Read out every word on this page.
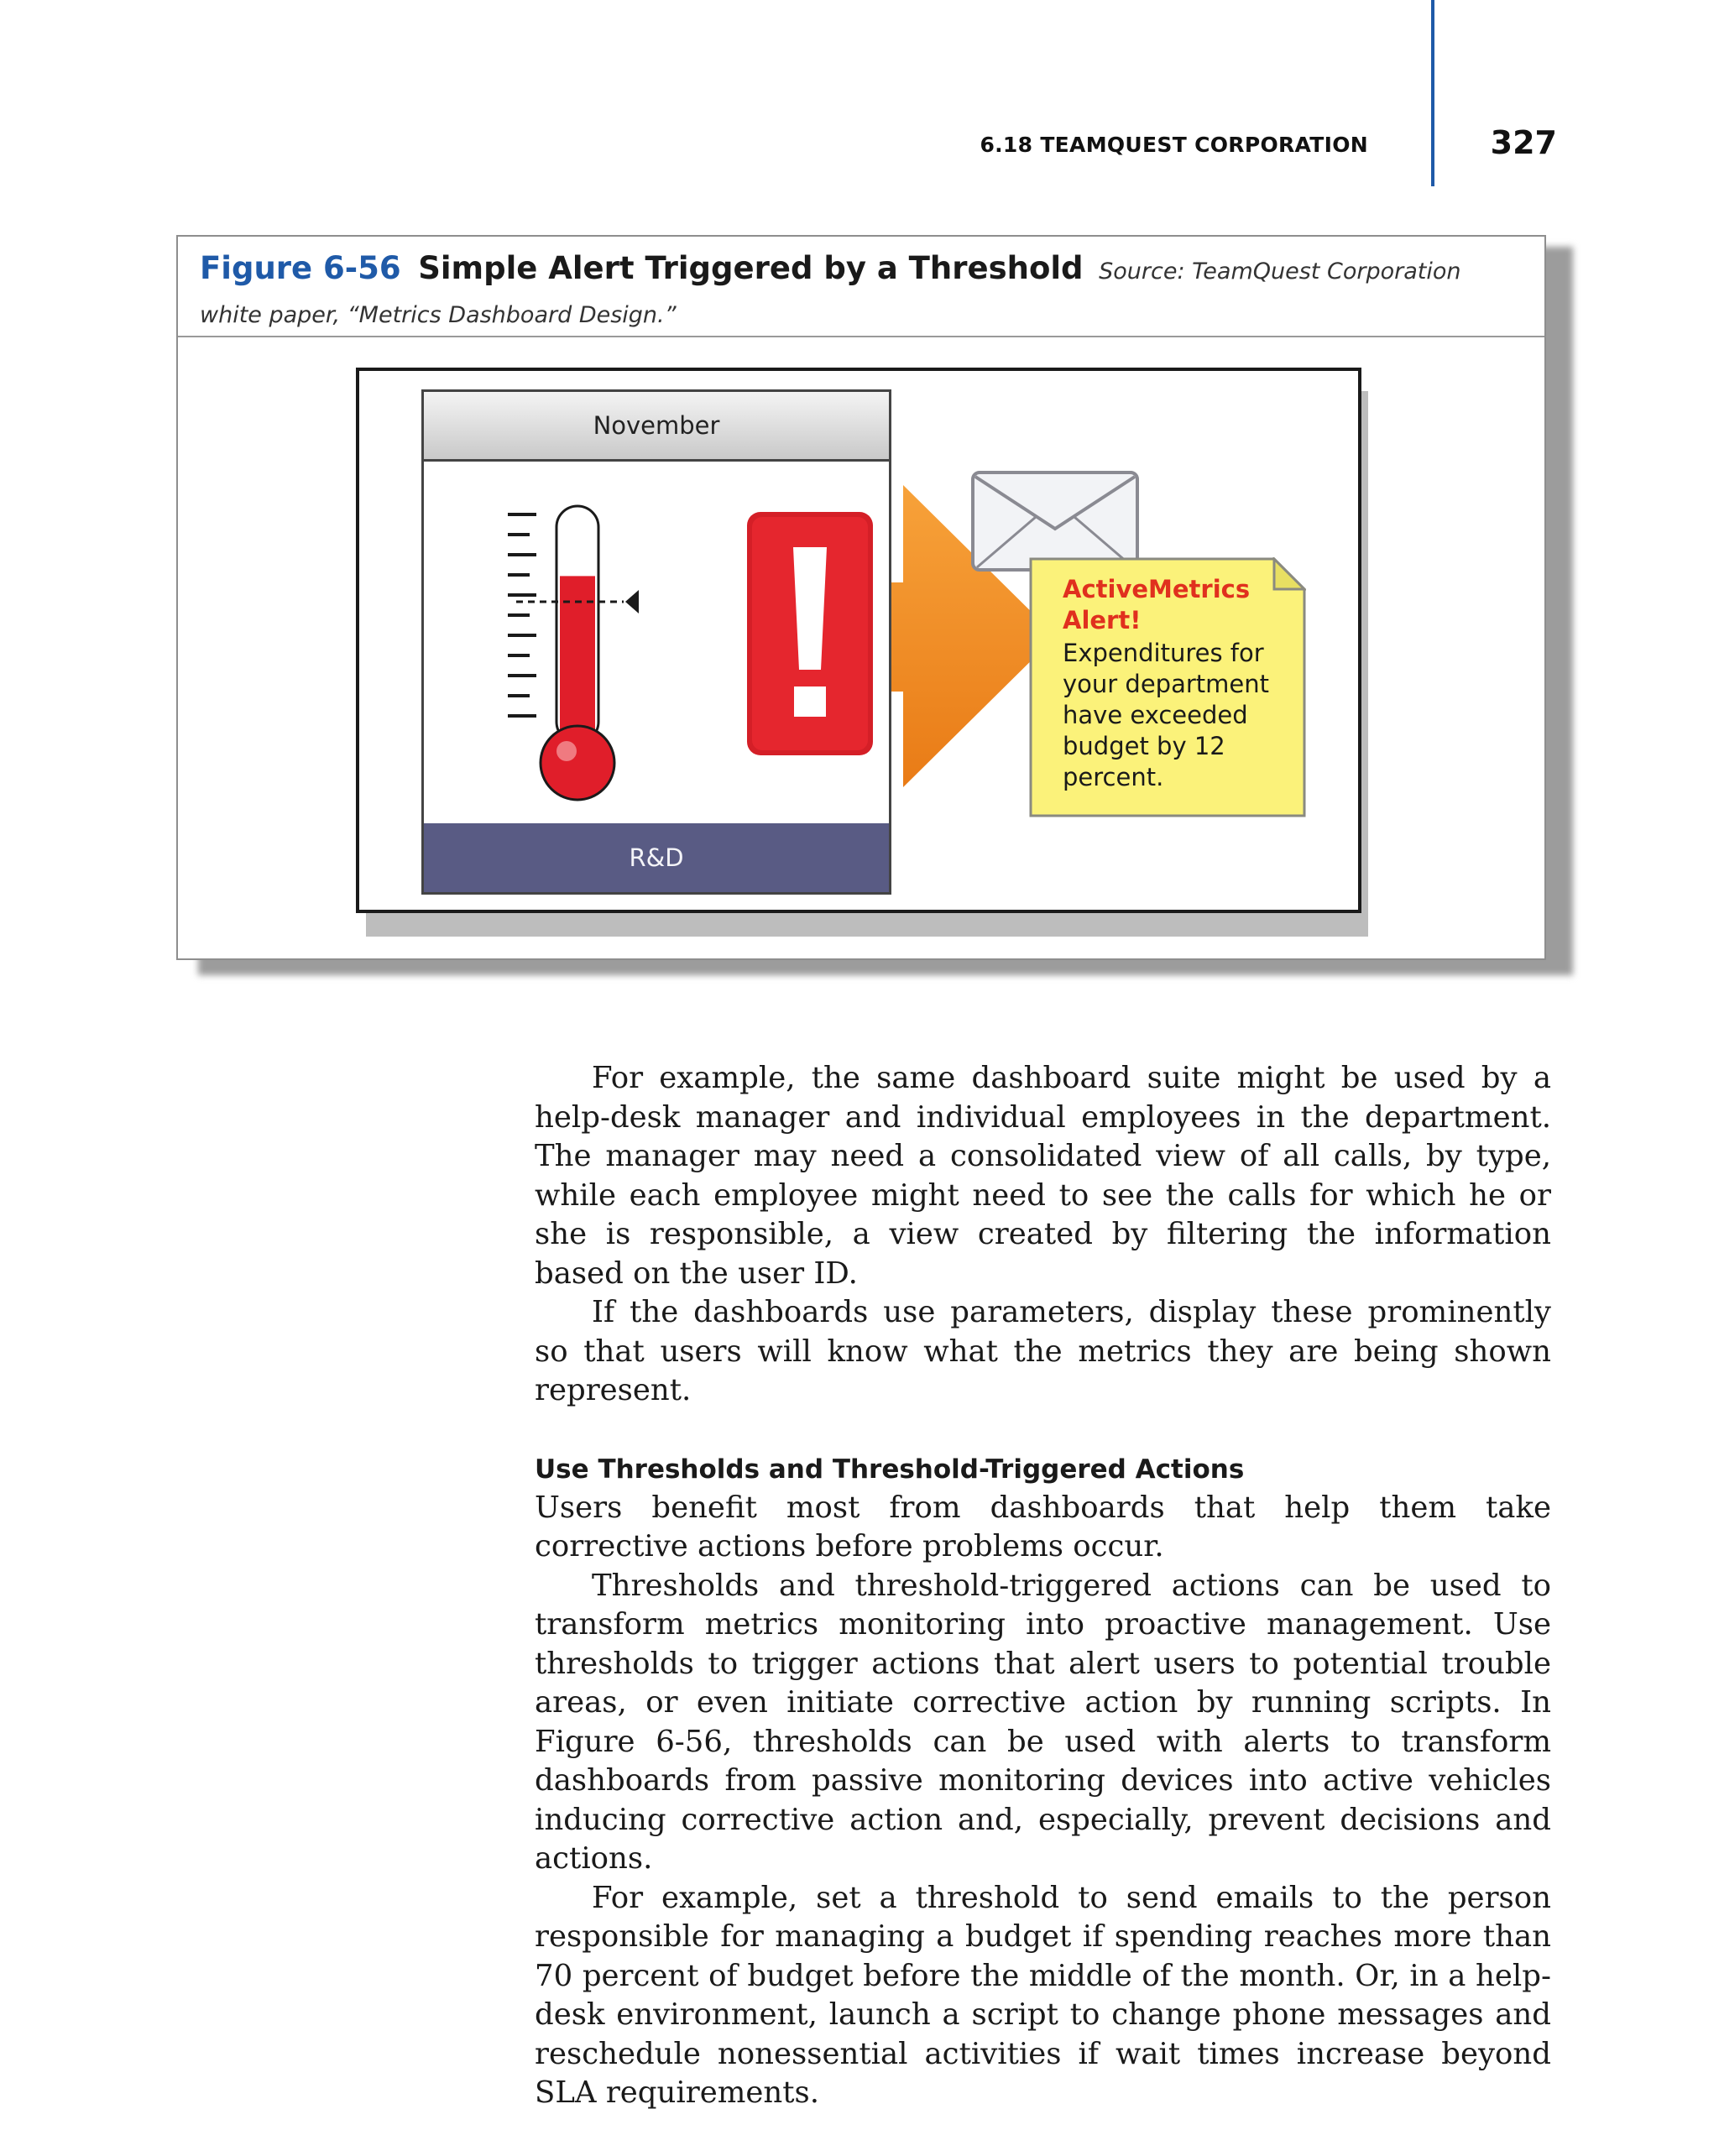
6.18 TEAMQUEST CORPORATION	327
Figure 6-56 Simple Alert Triggered by a Threshold Source: TeamQuest Corporation white paper, “Metrics Dashboard Design.”
November
R&D
ActiveMetrics Alert!
Expenditures for your department have exceeded budget by 12 percent.

For example, the same dashboard suite might be used by a help-desk manager and individual employees in the department. The manager may need a consolidated view of all calls, by type, while each employee might need to see the calls for which he or she is responsible, a view created by filtering the information based on the user ID.

If the dashboards use parameters, display these prominently so that users will know what the metrics they are being shown represent.

Use Thresholds and Threshold-Triggered Actions

Users benefit most from dashboards that help them take corrective actions before problems occur.

Thresholds and threshold-triggered actions can be used to transform metrics monitoring into proactive management. Use thresholds to trigger actions that alert users to potential trouble areas, or even initiate corrective action by running scripts. In Figure 6-56, thresholds can be used with alerts to transform dashboards from passive monitoring devices into active vehicles inducing corrective action and, especially, prevent decisions and actions.

For example, set a threshold to send emails to the person responsible for managing a budget if spending reaches more than 70 percent of budget before the middle of the month. Or, in a help-desk environment, launch a script to change phone messages and reschedule nonessential activities if wait times increase beyond SLA requirements.
